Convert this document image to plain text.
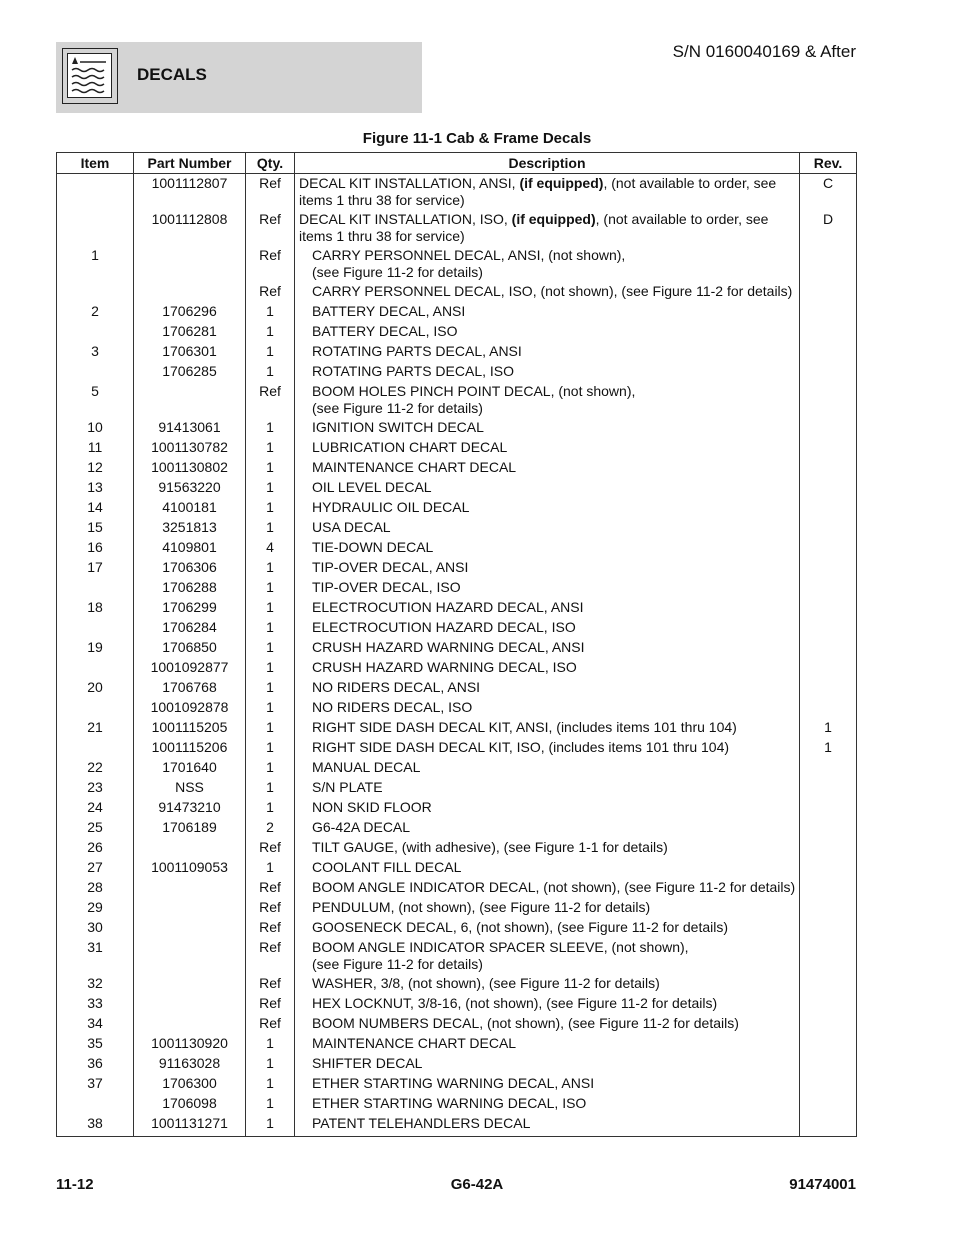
DECALS
S/N 0160040169 & After
Figure 11-1 Cab & Frame Decals
Item	Part Number	Qty.	Description	Rev.
	1001112807	Ref	DECAL KIT INSTALLATION, ANSI, (if equipped), (not available to order, see items 1 thru 38 for service)	C
	1001112808	Ref	DECAL KIT INSTALLATION, ISO, (if equipped), (not available to order, see items 1 thru 38 for service)	D
1		Ref	CARRY PERSONNEL DECAL, ANSI, (not shown),
(see Figure 11-2 for details)	

		Ref	CARRY PERSONNEL DECAL, ISO, (not shown), (see Figure 11-2 for details)	

2	1706296	1	BATTERY DECAL, ANSI	

	1706281	1	BATTERY DECAL, ISO	

3	1706301	1	ROTATING PARTS DECAL, ANSI	

	1706285	1	ROTATING PARTS DECAL, ISO	

5		Ref	BOOM HOLES PINCH POINT DECAL, (not shown),
(see Figure 11-2 for details)	

10	91413061	1	IGNITION SWITCH DECAL	

11	1001130782	1	LUBRICATION CHART DECAL	

12	1001130802	1	MAINTENANCE CHART DECAL	

13	91563220	1	OIL LEVEL DECAL	

14	4100181	1	HYDRAULIC OIL DECAL	

15	3251813	1	USA DECAL	

16	4109801	4	TIE-DOWN DECAL	

17	1706306	1	TIP-OVER DECAL, ANSI	

	1706288	1	TIP-OVER DECAL, ISO	

18	1706299	1	ELECTROCUTION HAZARD DECAL, ANSI	

	1706284	1	ELECTROCUTION HAZARD DECAL, ISO	

19	1706850	1	CRUSH HAZARD WARNING DECAL, ANSI	

	1001092877	1	CRUSH HAZARD WARNING DECAL, ISO	

20	1706768	1	NO RIDERS DECAL, ANSI	

	1001092878	1	NO RIDERS DECAL, ISO	

21	1001115205	1	RIGHT SIDE DASH DECAL KIT, ANSI, (includes items 101 thru 104)	1
	1001115206	1	RIGHT SIDE DASH DECAL KIT, ISO, (includes items 101 thru 104)	1
22	1701640	1	MANUAL DECAL	

23	NSS	1	S/N PLATE	

24	91473210	1	NON SKID FLOOR	

25	1706189	2	G6-42A DECAL	

26		Ref	TILT GAUGE, (with adhesive), (see Figure 1-1 for details)	

27	1001109053	1	COOLANT FILL DECAL	

28		Ref	BOOM ANGLE INDICATOR DECAL, (not shown), (see Figure 11-2 for details)	

29		Ref	PENDULUM, (not shown), (see Figure 11-2 for details)	

30		Ref	GOOSENECK DECAL, 6, (not shown), (see Figure 11-2 for details)	

31		Ref	BOOM ANGLE INDICATOR SPACER SLEEVE, (not shown),
(see Figure 11-2 for details)	

32		Ref	WASHER, 3/8, (not shown), (see Figure 11-2 for details)	

33		Ref	HEX LOCKNUT, 3/8-16, (not shown), (see Figure 11-2 for details)	

34		Ref	BOOM NUMBERS DECAL, (not shown), (see Figure 11-2 for details)	

35	1001130920	1	MAINTENANCE CHART DECAL	

36	91163028	1	SHIFTER DECAL	

37	1706300	1	ETHER STARTING WARNING DECAL, ANSI	

	1706098	1	ETHER STARTING WARNING DECAL, ISO	

38	1001131271	1	PATENT TELEHANDLERS DECAL	

11-12	G6-42A	91474001
